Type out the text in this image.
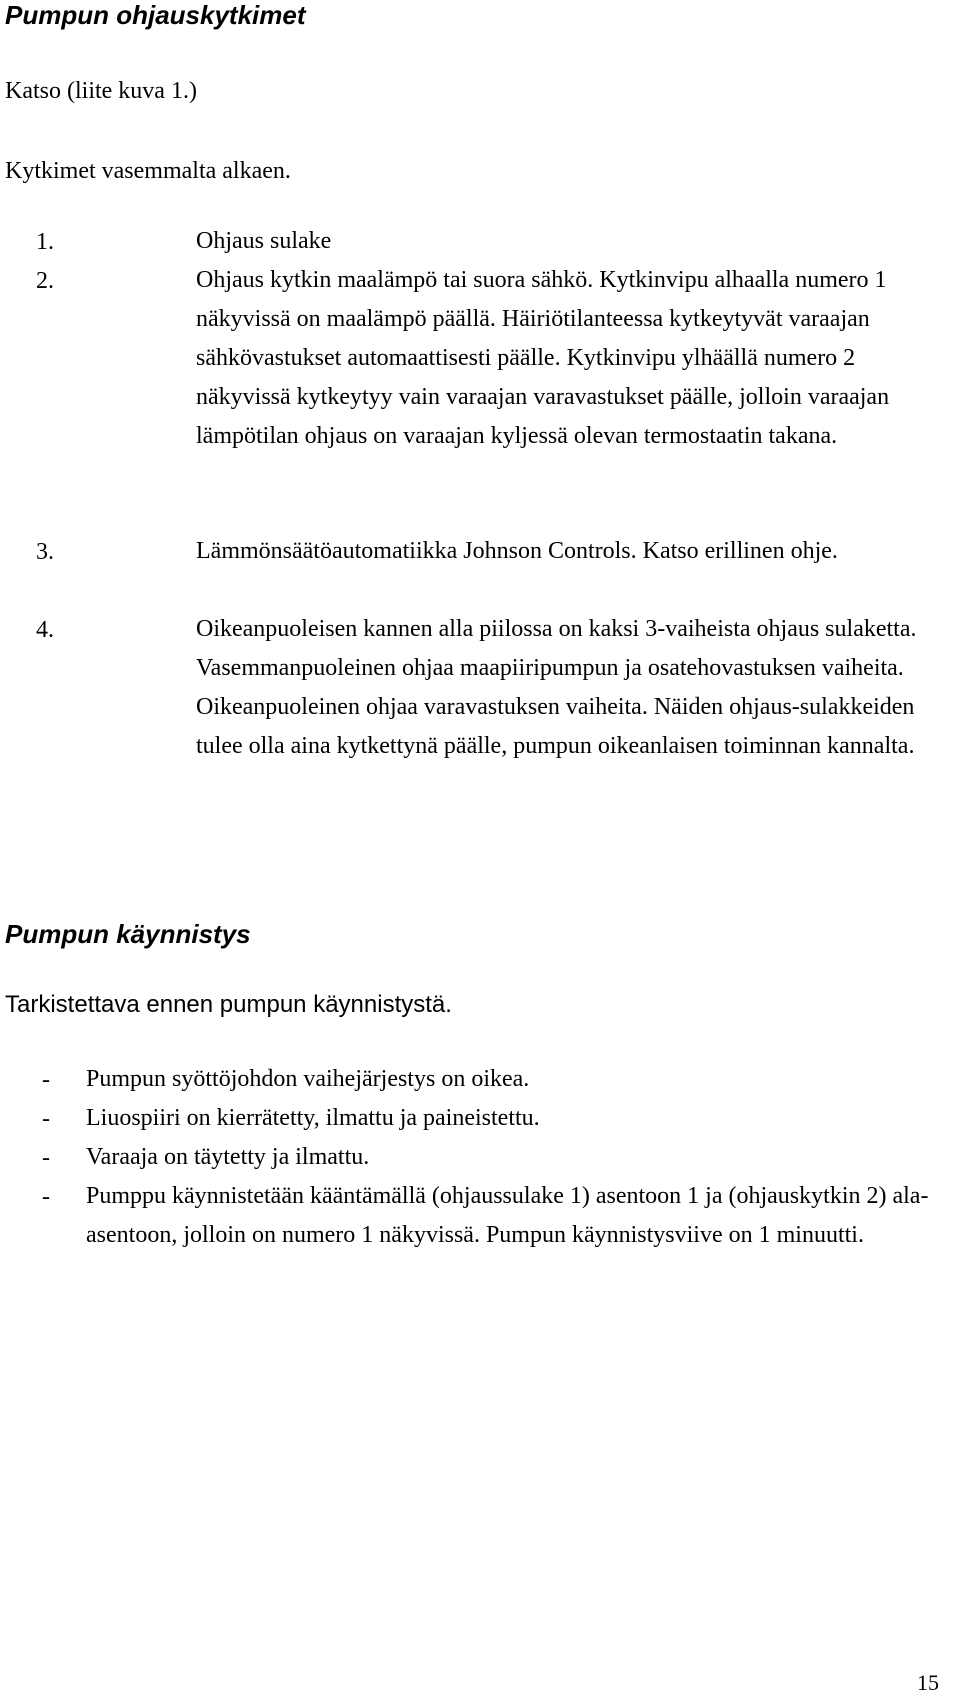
Pumpun ohjauskytkimet

Katso (liite kuva 1.)

Kytkimet vasemmalta alkaen.

1.	Ohjaus sulake

2.	Ohjaus kytkin maalämpö tai suora sähkö. Kytkinvipu alhaalla numero 1 näkyvissä on maalämpö päällä. Häiriötilanteessa kytkeytyvät varaajan sähkövastukset automaattisesti päälle. Kytkinvipu ylhäällä numero 2 näkyvissä kytkeytyy vain varaajan varavastukset päälle, jolloin varaajan lämpötilan ohjaus on varaajan kyljessä olevan termostaatin takana.

3.	Lämmönsäätöautomatiikka Johnson Controls. Katso erillinen ohje.

4.	Oikeanpuoleisen kannen alla piilossa on kaksi 3-vaiheista ohjaus sulaketta. Vasemmanpuoleinen ohjaa maapiiripumpun ja osatehovastuksen vaiheita. Oikeanpuoleinen ohjaa varavastuksen vaiheita. Näiden ohjaus-sulakkeiden tulee olla aina kytkettynä päälle, pumpun oikeanlaisen toiminnan kannalta.

Pumpun käynnistys

Tarkistettava ennen pumpun käynnistystä.

- Pumpun syöttöjohdon vaihejärjestys on oikea.

- Liuospiiri on kierrätetty, ilmattu ja paineistettu.

- Varaaja on täytetty ja ilmattu.

- Pumppu käynnistetään kääntämällä (ohjaussulake 1) asentoon 1 ja (ohjauskytkin 2) ala-asentoon, jolloin on numero 1 näkyvissä. Pumpun käynnistysviive on 1 minuutti.

15
